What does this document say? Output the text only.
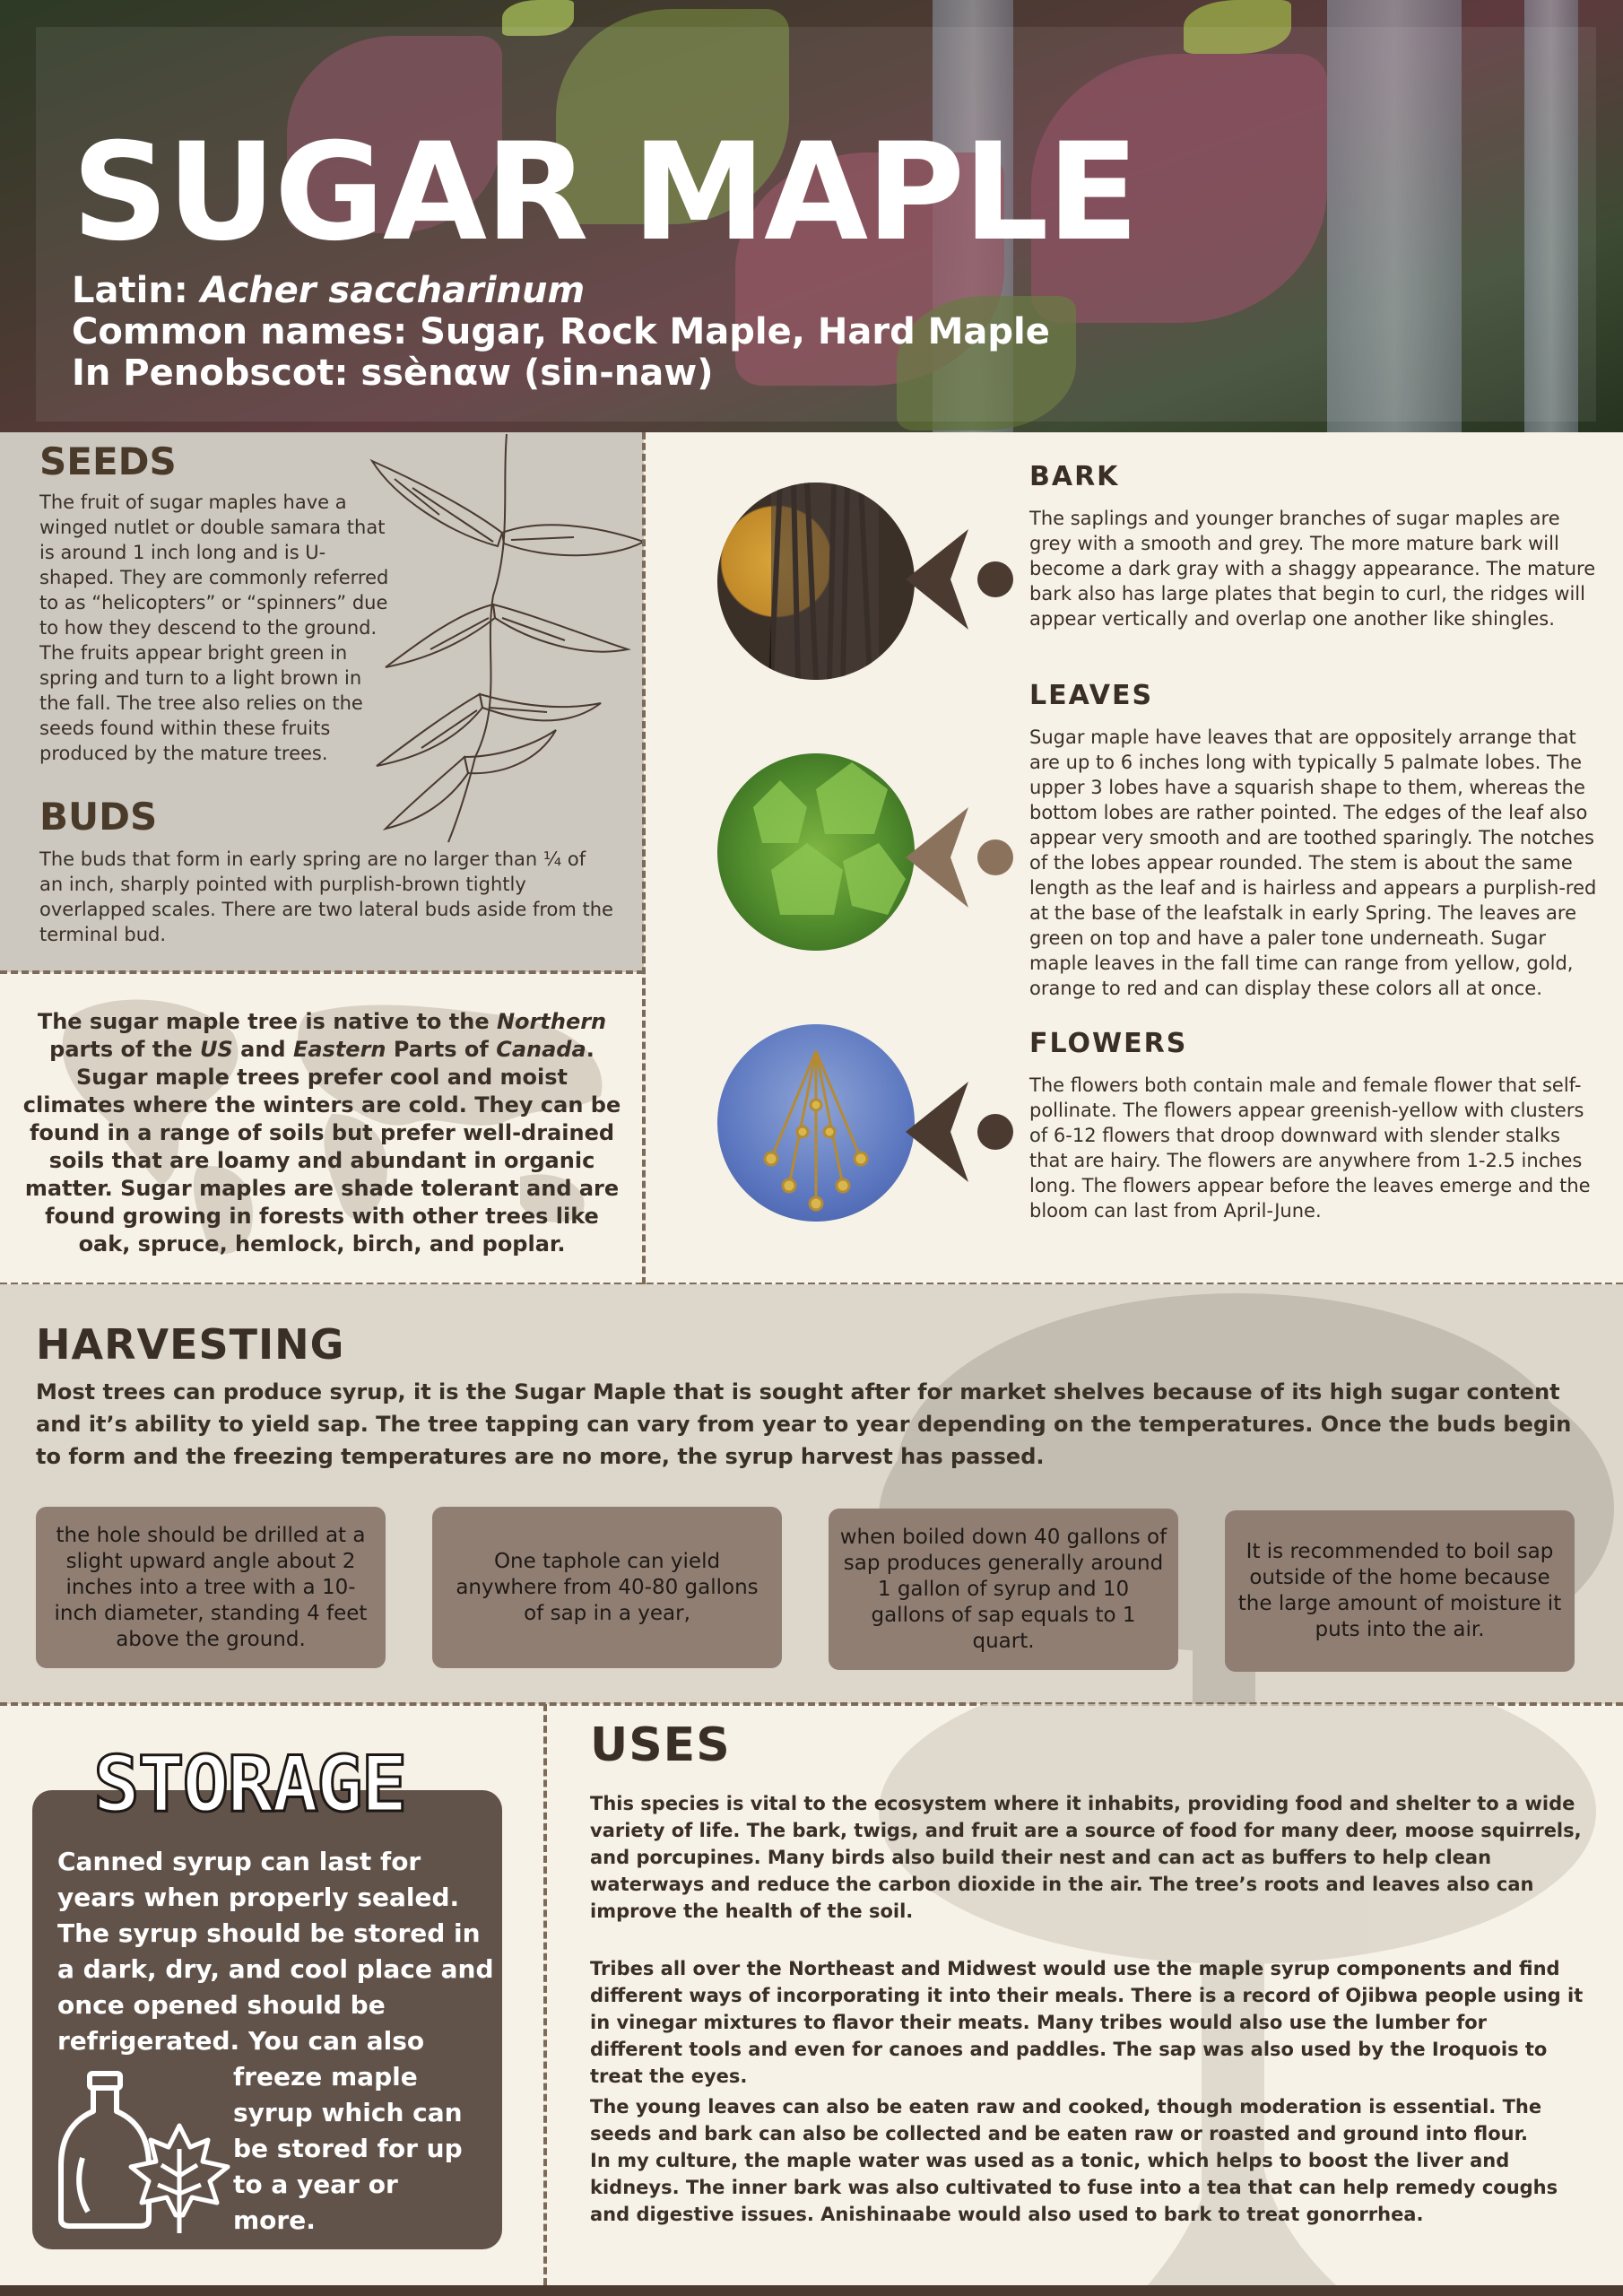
SUGAR MAPLE
Latin: Acher saccharinum
Common names: Sugar, Rock Maple, Hard Maple
In Penobscot: ssènαw (sin-naw)
SEEDS
The fruit of sugar maples have a winged nutlet or double samara that is around 1 inch long and is U-shaped. They are commonly referred to as “helicopters” or “spinners” due to how they descend to the ground. The fruits appear bright green in spring and turn to a light brown in the fall. The tree also relies on the seeds found within these fruits produced by the mature trees.
BUDS
The buds that form in early spring are no larger than ¼ of an inch, sharply pointed with purplish-brown tightly overlapped scales. There are two lateral buds aside from the terminal bud.
The sugar maple tree is native to the Northern
parts of the US and Eastern Parts of Canada.
Sugar maple trees prefer cool and moist climates where the winters are cold. They can be found in a range of soils but prefer well-drained soils that are loamy and abundant in organic matter. Sugar maples are shade tolerant and are found growing in forests with other trees like oak, spruce, hemlock, birch, and poplar.
BARK
The saplings and younger branches of sugar maples are grey with a smooth and grey. The more mature bark will become a dark gray with a shaggy appearance. The mature bark also has large plates that begin to curl, the ridges will appear vertically and overlap one another like shingles.
LEAVES
Sugar maple have leaves that are oppositely arrange that are up to 6 inches long with typically 5 palmate lobes. The upper 3 lobes have a squarish shape to them, whereas the bottom lobes are rather pointed. The edges of the leaf also appear very smooth and are toothed sparingly. The notches of the lobes appear rounded. The stem is about the same length as the leaf and is hairless and appears a purplish-red at the base of the leafstalk in early Spring. The leaves are green on top and have a paler tone underneath. Sugar maple leaves in the fall time can range from yellow, gold, orange to red and can display these colors all at once.
FLOWERS
The flowers both contain male and female flower that self-pollinate. The flowers appear greenish-yellow with clusters of 6-12 flowers that droop downward with slender stalks that are hairy. The flowers are anywhere from 1-2.5 inches long. The flowers appear before the leaves emerge and the bloom can last from April-June.
HARVESTING
Most trees can produce syrup, it is the Sugar Maple that is sought after for market shelves because of its high sugar content and it’s ability to yield sap. The tree tapping can vary from year to year depending on the temperatures. Once the buds begin to form and the freezing temperatures are no more, the syrup harvest has passed.
the hole should be drilled at a slight upward angle about 2 inches into a tree with a 10-inch diameter, standing 4 feet above the ground.
One taphole can yield anywhere from 40-80 gallons of sap in a year,
when boiled down 40 gallons of sap produces generally around 1 gallon of syrup and 10 gallons of sap equals to 1 quart.
It is recommended to boil sap outside of the home because the large amount of moisture it puts into the air.
STORAGE
Canned syrup can last for years when properly sealed. The syrup should be stored in a dark, dry, and cool place and once opened should be refrigerated. You can also
freeze maple syrup which can be stored for up to a year or more.
USES
This species is vital to the ecosystem where it inhabits, providing food and shelter to a wide variety of life. The bark, twigs, and fruit are a source of food for many deer, moose squirrels, and porcupines. Many birds also build their nest and can act as buffers to help clean waterways and reduce the carbon dioxide in the air. The tree’s roots and leaves also can improve the health of the soil.
Tribes all over the Northeast and Midwest would use the maple syrup components and find different ways of incorporating it into their meals. There is a record of Ojibwa people using it in vinegar mixtures to flavor their meats. Many tribes would also use the lumber for different tools and even for canoes and paddles. The sap was also used by the Iroquois to treat the eyes.
The young leaves can also be eaten raw and cooked, though moderation is essential. The seeds and bark can also be collected and be eaten raw or roasted and ground into flour.
In my culture, the maple water was used as a tonic, which helps to boost the liver and kidneys. The inner bark was also cultivated to fuse into a tea that can help remedy coughs and digestive issues. Anishinaabe would also used to bark to treat gonorrhea.
